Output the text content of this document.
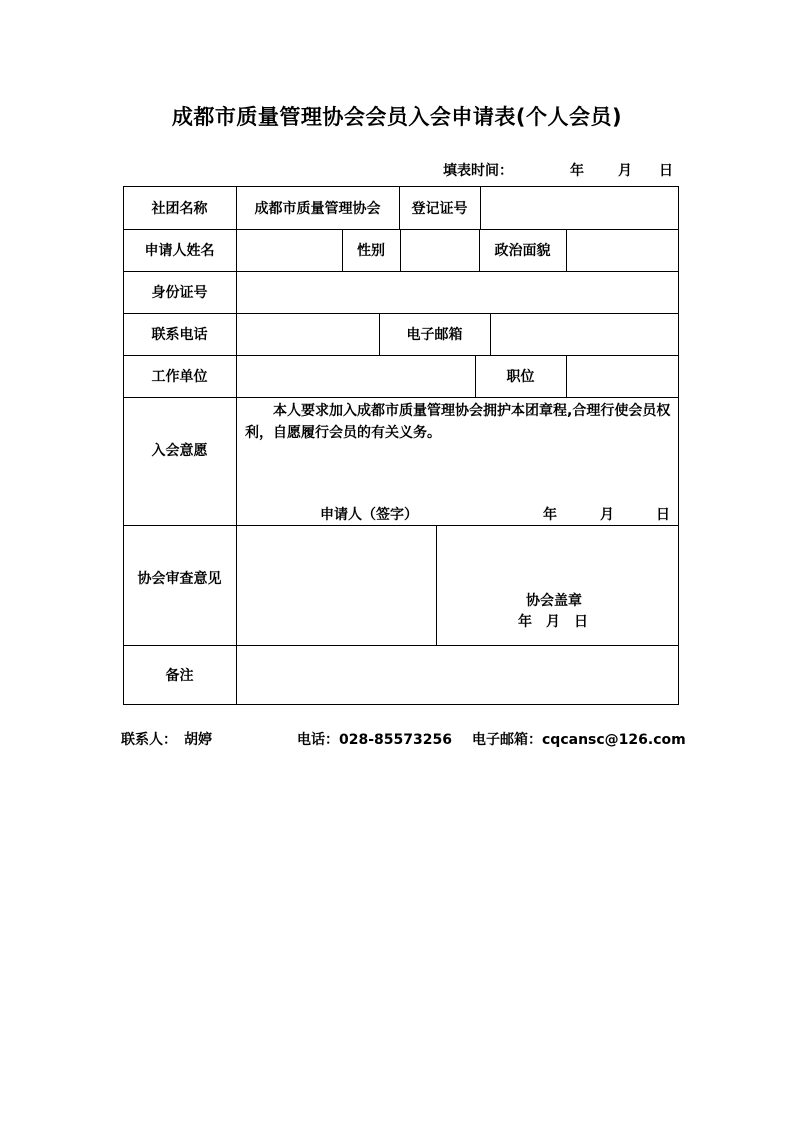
成都市质量管理协会会员入会申请表(个人会员)
填表时间：	年 月 日
社团名称	成都市质量管理协会	登记证号
申请人姓名	性别	政治面貌
身份证号
联系电话	电子邮箱
工作单位	职位
入会意愿
本人要求加入成都市质量管理协会拥护本团章程,合理行使会员权利，自愿履行会员的有关义务。
申请人（签字）	年	月	日
协会审查意见
协会盖章
年　月　日
备注
联系人：　胡婷	电话：028-85573256 电子邮箱：cqcansc@126.com
